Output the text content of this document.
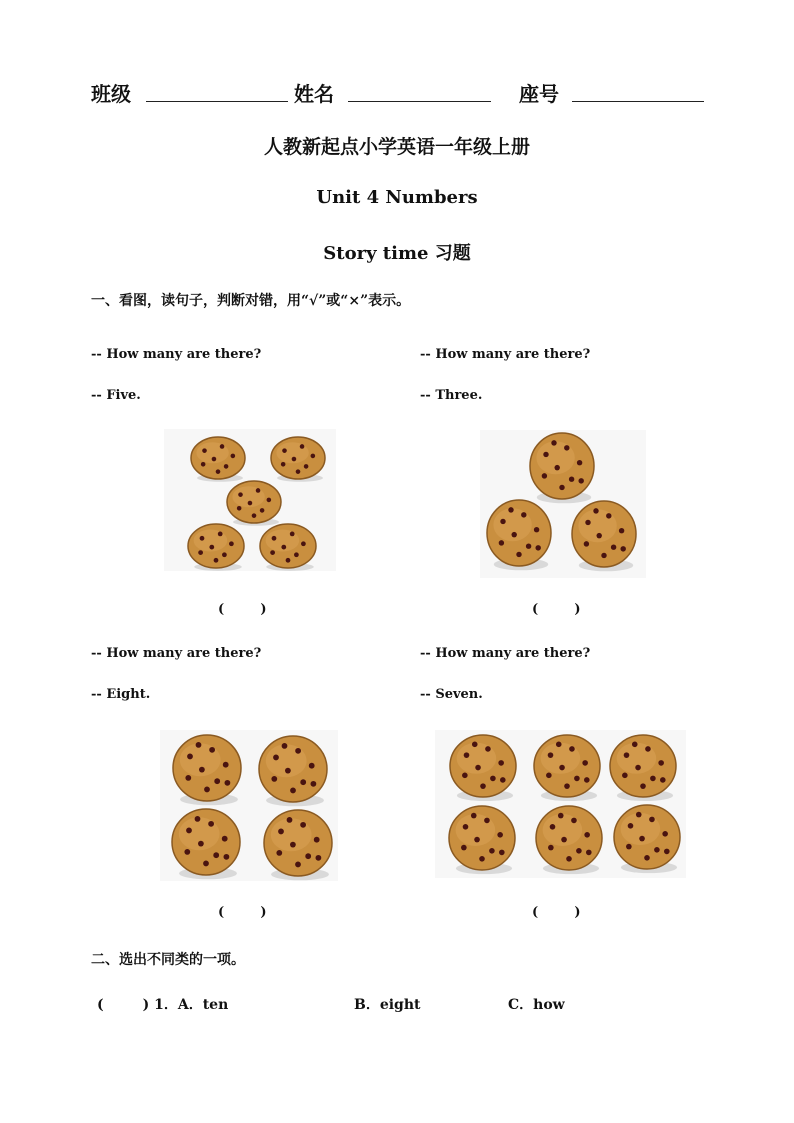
班级	姓名	座号
人教新起点小学英语一年级上册
Unit 4 Numbers
Story time 习题
一、看图，读句子，判断对错，用“√”或“×”表示。
-- How many are there?
-- Five.
(        )
-- How many are there?
-- Three.
(        )
-- How many are there?
-- Eight.
(        )
-- How many are there?
-- Seven.
(        )
二、选出不同类的一项。
(        ) 1．A．ten	B．eight	C．how
